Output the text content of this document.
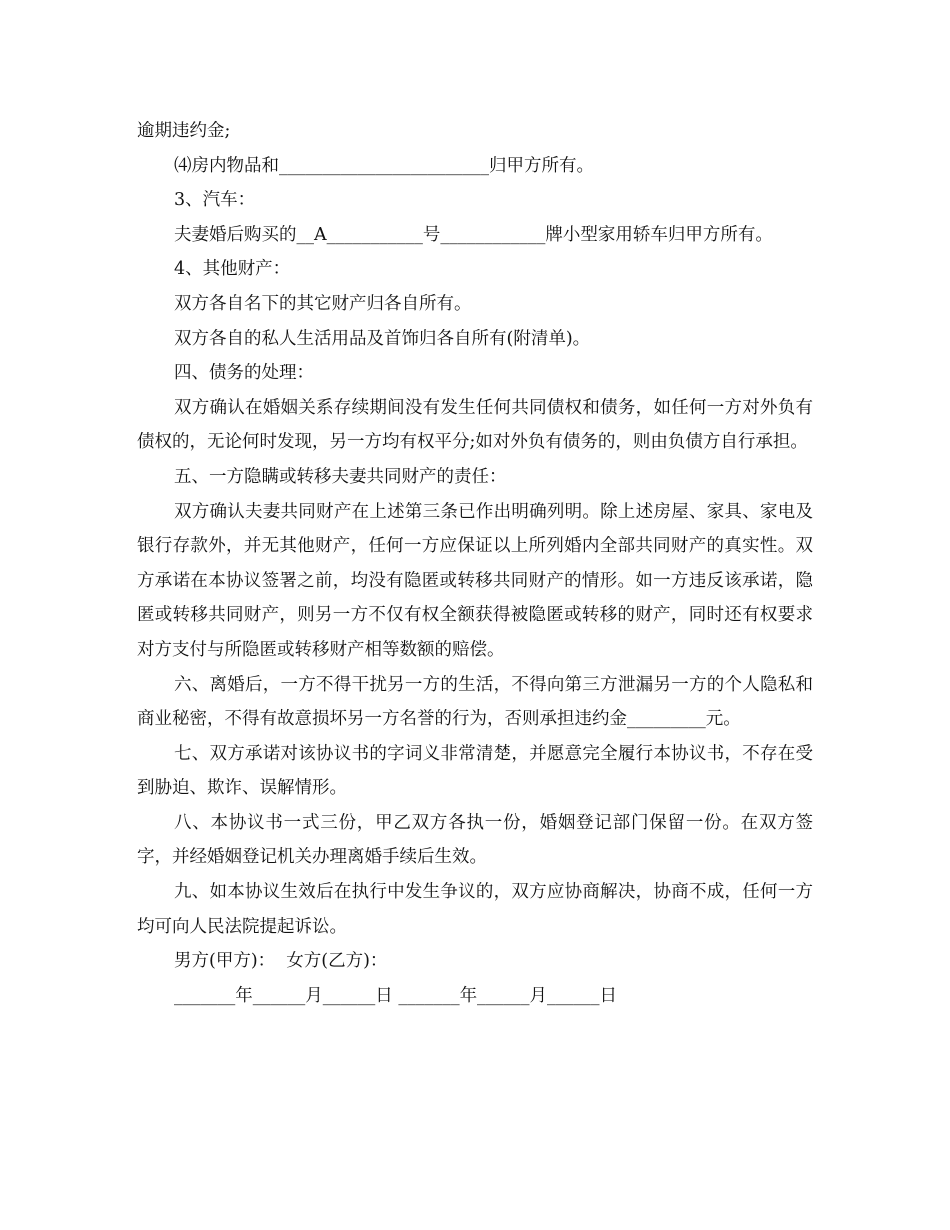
逾期违约金;

⑷房内物品和________________________归甲方所有。

3、汽车：

夫妻婚后购买的__A___________号____________牌小型家用轿车归甲方所有。

4、其他财产：

双方各自名下的其它财产归各自所有。

双方各自的私人生活用品及首饰归各自所有(附清单)。

四、债务的处理：

双方确认在婚姻关系存续期间没有发生任何共同债权和债务，如任何一方对外负有债权的，无论何时发现，另一方均有权平分;如对外负有债务的，则由负债方自行承担。

五、一方隐瞒或转移夫妻共同财产的责任：

双方确认夫妻共同财产在上述第三条已作出明确列明。除上述房屋、家具、家电及银行存款外，并无其他财产，任何一方应保证以上所列婚内全部共同财产的真实性。双方承诺在本协议签署之前，均没有隐匿或转移共同财产的情形。如一方违反该承诺，隐匿或转移共同财产，则另一方不仅有权全额获得被隐匿或转移的财产，同时还有权要求对方支付与所隐匿或转移财产相等数额的赔偿。

六、离婚后，一方不得干扰另一方的生活，不得向第三方泄漏另一方的个人隐私和商业秘密，不得有故意损坏另一方名誉的行为，否则承担违约金_________元。

七、双方承诺对该协议书的字词义非常清楚，并愿意完全履行本协议书，不存在受到胁迫、欺诈、误解情形。

八、本协议书一式三份，甲乙双方各执一份，婚姻登记部门保留一份。在双方签字，并经婚姻登记机关办理离婚手续后生效。

九、如本协议生效后在执行中发生争议的，双方应协商解决，协商不成，任何一方均可向人民法院提起诉讼。

男方(甲方)：  女方(乙方)：

_______年______月______日 _______年______月______日
